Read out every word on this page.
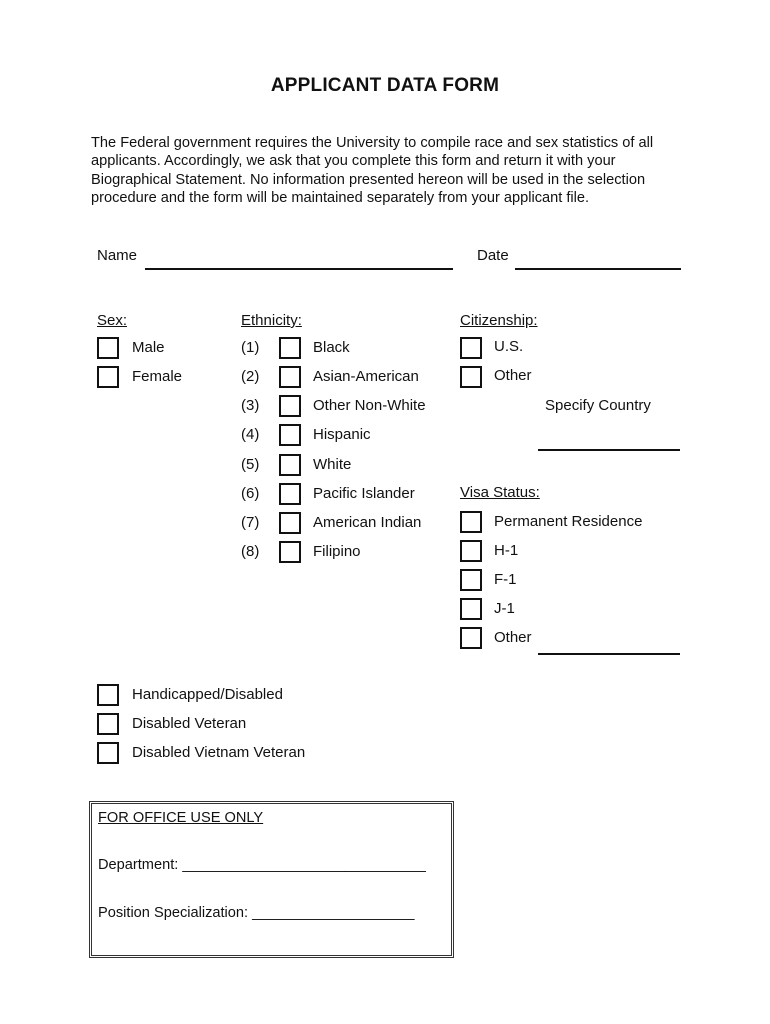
APPLICANT DATA FORM
The Federal government requires the University to compile race and sex statistics of all applicants. Accordingly, we ask that you complete this form and return it with your Biographical Statement. No information presented hereon will be used in the selection procedure and the form will be maintained separately from your applicant file.
Name	Date
Sex:
Male
Female
Ethnicity:
(1)	Black
(2)	Asian-American
(3)	Other Non-White
(4)	Hispanic
(5)	White
(6)	Pacific Islander
(7)	American Indian
(8)	Filipino
Citizenship:
U.S.
Other
Specify Country
Visa Status:
Permanent Residence
H-1
F-1
J-1
Other
Handicapped/Disabled
Disabled Veteran
Disabled Vietnam Veteran
FOR OFFICE USE ONLY
Department: ______________________________
Position Specialization: ____________________
